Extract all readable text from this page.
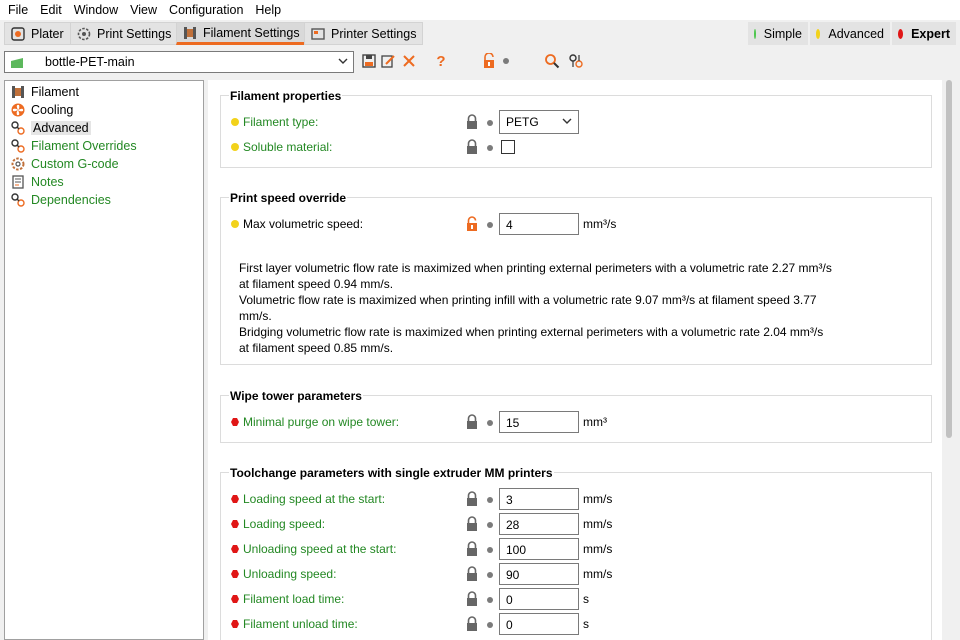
File Edit Window View Configuration Help
Plater	Print Settings	Filament Settings	Printer Settings	Simple Advanced Expert
bottle-PET-main	?
Filament
Cooling
Advanced
Filament Overrides
Custom G-code
Notes
Dependencies
Filament properties
Filament type:	PETG
Soluble material:
Print speed override
Max volumetric speed:	4	mm³/s
First layer volumetric flow rate is maximized when printing external perimeters with a volumetric rate 2.27 mm³/s
at filament speed 0.94 mm/s.
Volumetric flow rate is maximized when printing infill with a volumetric rate 9.07 mm³/s at filament speed 3.77
mm/s.
Bridging volumetric flow rate is maximized when printing external perimeters with a volumetric rate 2.04 mm³/s
at filament speed 0.85 mm/s.
Wipe tower parameters
Minimal purge on wipe tower:	15	mm³
Toolchange parameters with single extruder MM printers
Loading speed at the start:	3	mm/s
Loading speed:	28	mm/s
Unloading speed at the start:	100	mm/s
Unloading speed:	90	mm/s
Filament load time:	0	s
Filament unload time:	0	s
